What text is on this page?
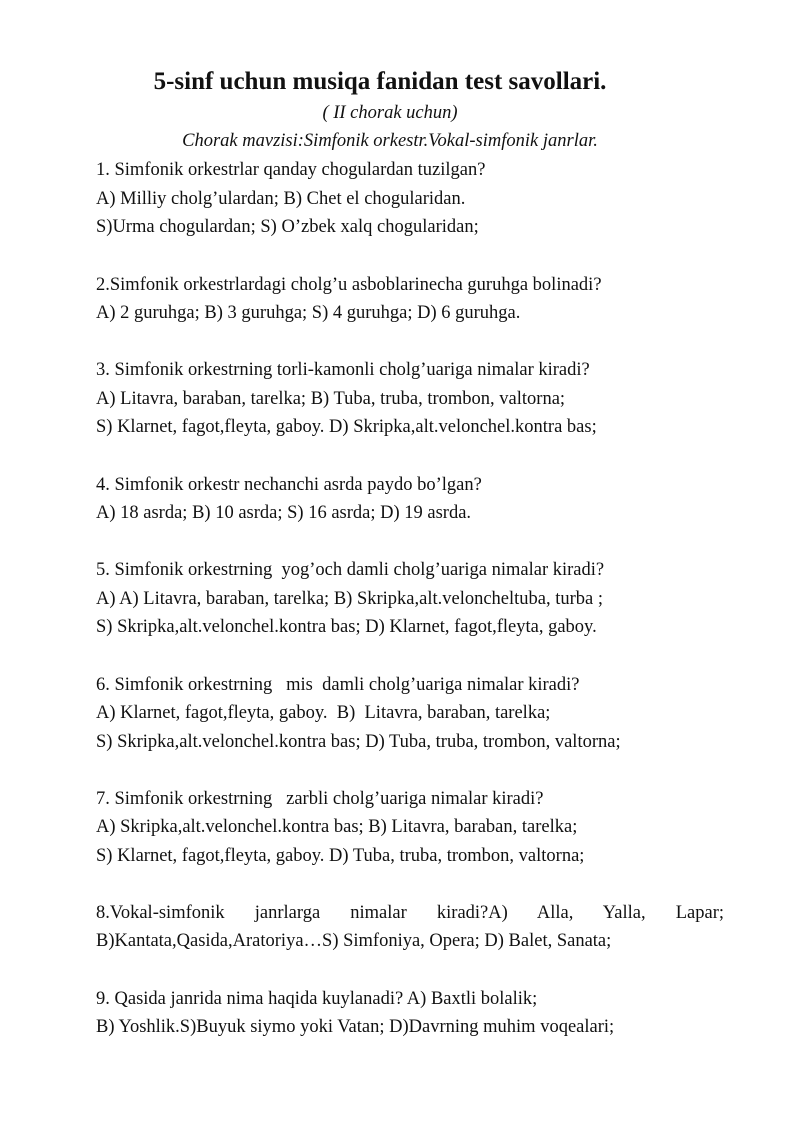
5-sinf uchun musiqa fanidan test savollari.
( II chorak uchun)
Chorak mavzisi:Simfonik orkestr.Vokal-simfonik janrlar.
1. Simfonik orkestrlar qanday chogulardan tuzilgan?
A) Milliy cholg’ulardan; B) Chet el chogularidan.
S)Urma chogulardan; S) O’zbek xalq chogularidan;
2.Simfonik orkestrlardagi cholg’u asboblarinecha guruhga bolinadi?
A) 2 guruhga; B) 3 guruhga; S) 4 guruhga; D) 6 guruhga.
3. Simfonik orkestrning torli-kamonli cholg’uariga nimalar kiradi?
A) Litavra, baraban, tarelka; B) Tuba, truba, trombon, valtorna;
S) Klarnet, fagot,fleyta, gaboy. D) Skripka,alt.velonchel.kontra bas;
4. Simfonik orkestr nechanchi asrda paydo bo’lgan?
A) 18 asrda; B) 10 asrda; S) 16 asrda; D) 19 asrda.
5. Simfonik orkestrning  yog’och damli cholg’uariga nimalar kiradi?
A) A) Litavra, baraban, tarelka; B) Skripka,alt.veloncheltuba, turba ;
S) Skripka,alt.velonchel.kontra bas; D) Klarnet, fagot,fleyta, gaboy.
6. Simfonik orkestrning   mis  damli cholg’uariga nimalar kiradi?
A) Klarnet, fagot,fleyta, gaboy.  B)  Litavra, baraban, tarelka;
S) Skripka,alt.velonchel.kontra bas; D) Tuba, truba, trombon, valtorna;
7. Simfonik orkestrning   zarbli cholg’uariga nimalar kiradi?
A) Skripka,alt.velonchel.kontra bas; B) Litavra, baraban, tarelka;
S) Klarnet, fagot,fleyta, gaboy. D) Tuba, truba, trombon, valtorna;
8.Vokal-simfonik janrlarga nimalar kiradi?A) Alla, Yalla, Lapar;
B)Kantata,Qasida,Aratoriya…S) Simfoniya, Opera; D) Balet, Sanata;
9. Qasida janrida nima haqida kuylanadi? A) Baxtli bolalik;
B) Yoshlik.S)Buyuk siymo yoki Vatan; D)Davrning muhim voqealari;
